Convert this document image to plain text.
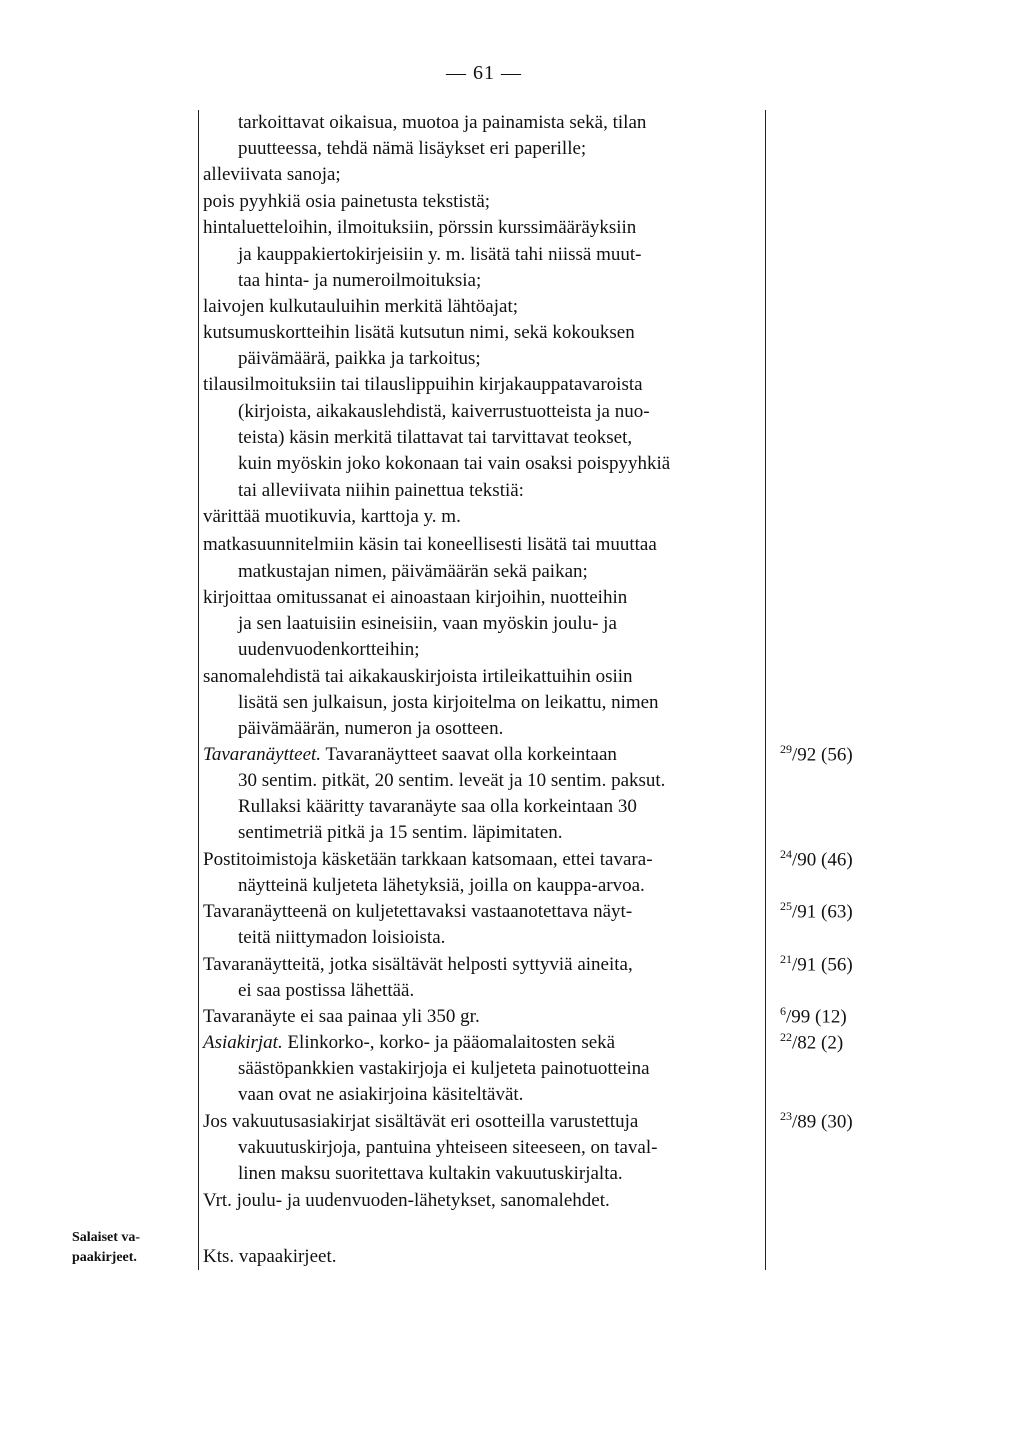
— 61 —
tarkoittavat oikaisua, muotoa ja painamista sekä, tilan
puutteessa, tehdä nämä lisäykset eri paperille;
alleviivata sanoja;
pois pyyhkiä osia painetusta tekstistä;
hintaluetteloihin, ilmoituksiin, pörssin kurssimääräyksiin
ja kauppakiertokirjeisiin y. m. lisätä tahi niissä muut-
taa hinta- ja numeroilmoituksia;
laivojen kulkutauluihin merkitä lähtöajat;
kutsumuskortteihin lisätä kutsutun nimi, sekä kokouksen
päivämäärä, paikka ja tarkoitus;
tilausilmoituksiin tai tilauslippuihin kirjakauppatavaroista
(kirjoista, aikakauslehdistä, kaiverrustuotteista ja nuo-
teista) käsin merkitä tilattavat tai tarvittavat teokset,
kuin myöskin joko kokonaan tai vain osaksi poispyyhkiä
tai alleviivata niihin painettua tekstiä:
värittää muotikuvia, karttoja y. m.
matkasuunnitelmiin käsin tai koneellisesti lisätä tai muuttaa
matkustajan nimen, päivämäärän sekä paikan;
kirjoittaa omitussanat ei ainoastaan kirjoihin, nuotteihin
ja sen laatuisiin esineisiin, vaan myöskin joulu- ja
uudenvuodenkortteihin;
sanomalehdistä tai aikakauskirjoista irtileikattuihin osiin
lisätä sen julkaisun, josta kirjoitelma on leikattu, nimen
päivämäärän, numeron ja osotteen.
Tavaranäytteet. Tavaranäytteet saavat olla korkeintaan
30 sentim. pitkät, 20 sentim. leveät ja 10 sentim. paksut.
Rullaksi kääritty tavaranäyte saa olla korkeintaan 30
sentimetriä pitkä ja 15 sentim. läpimitaten.
Postitoimistoja käsketään tarkkaan katsomaan, ettei tavara-
näytteinä kuljeteta lähetyksiä, joilla on kauppa-arvoa.
Tavaranäytteenä on kuljetettavaksi vastaanotettava näyt-
teitä niittymadon loisioista.
Tavaranäytteitä, jotka sisältävät helposti syttyviä aineita,
ei saa postissa lähettää.
Tavaranäyte ei saa painaa yli 350 gr.
Asiakirjat. Elinkorko-, korko- ja pääomalaitosten sekä
säästöpankkien vastakirjoja ei kuljeteta painotuotteina
vaan ovat ne asiakirjoina käsiteltävät.
Jos vakuutusasiakirjat sisältävät eri osotteilla varustettuja
vakuutuskirjoja, pantuina yhteiseen siteeseen, on taval-
linen maksu suoritettava kultakin vakuutuskirjalta.
Vrt. joulu- ja uudenvuoden-lähetykset, sanomalehdet.
Kts. vapaakirjeet.
$^{29}$/92 (56)
$^{24}$/90 (46)
$^{25}$/91 (63)
$^{21}$/91 (56)
$^6$/99 (12)
$^{22}$/82 (2)
$^{23}$/89 (30)
Salaiset va-
paakirjeet.
